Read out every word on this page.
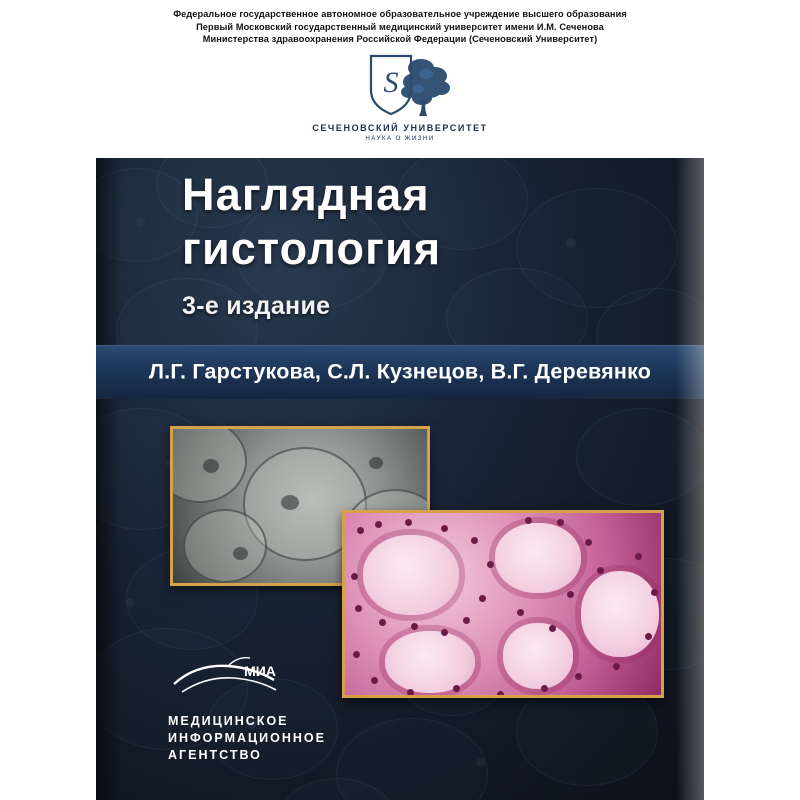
Федеральное государственное автономное образовательное учреждение высшего образования
Первый Московский государственный медицинский университет имени И.М. Сеченова
Министерства здравоохранения Российской Федерации (Сеченовский Университет)
S
СЕЧЕНОВСКИЙ УНИВЕРСИТЕТ
НАУКА О ЖИЗНИ
Наглядная
гистология
3-е издание
Л.Г. Гарстукова, С.Л. Кузнецов, В.Г. Деревянко
МИА
МЕДИЦИНСКОЕ
ИНФОРМАЦИОННОЕ
АГЕНТСТВО
